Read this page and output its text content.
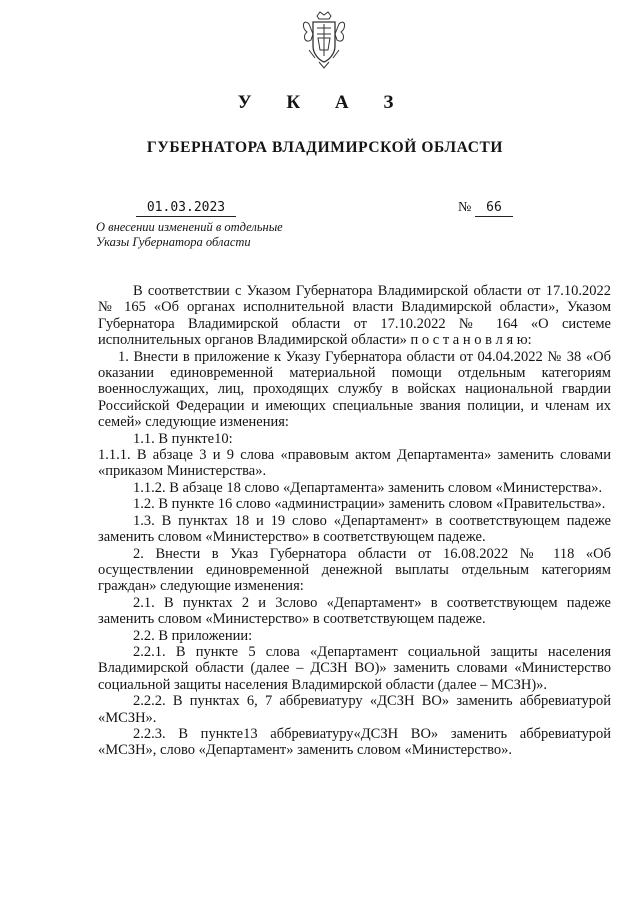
У К А З
ГУБЕРНАТОРА ВЛАДИМИРСКОЙ ОБЛАСТИ
01.03.2023	№	66
О внесении изменений в отдельные
Указы Губернатора области

В соответствии с Указом Губернатора Владимирской области от 17.10.2022 № 165 «Об органах исполнительной власти Владимирской области», Указом Губернатора Владимирской области от 17.10.2022 № 164 «О системе исполнительных органов Владимирской области» п о с т а н о в л я ю:

1. Внести в приложение к Указу Губернатора области от 04.04.2022 № 38 «Об оказании единовременной материальной помощи отдельным категориям военнослужащих, лиц, проходящих службу в войсках национальной гвардии Российской Федерации и имеющих специальные звания полиции, и членам их семей» следующие изменения:

1.1. В пункте10:

1.1.1. В абзаце 3 и 9 слова «правовым актом Департамента» заменить словами «приказом Министерства».

1.1.2. В абзаце 18 слово «Департамента» заменить словом «Министерства».

1.2. В пункте 16 слово «администрации» заменить словом «Правительства».

1.3. В пунктах 18 и 19 слово «Департамент» в соответствующем падеже заменить словом «Министерство» в соответствующем падеже.

2. Внести в Указ Губернатора области от 16.08.2022 № 118 «Об осуществлении единовременной денежной выплаты отдельным категориям граждан» следующие изменения:

2.1. В пунктах 2 и 3слово «Департамент» в соответствующем падеже заменить словом «Министерство» в соответствующем падеже.

2.2. В приложении:

2.2.1. В пункте 5 слова «Департамент социальной защиты населения Владимирской области (далее – ДСЗН ВО)» заменить словами «Министерство социальной защиты населения Владимирской области (далее – МСЗН)».

2.2.2. В пунктах 6, 7 аббревиатуру «ДСЗН ВО» заменить аббревиатурой «МСЗН».

2.2.3. В пункте13 аббревиатуру«ДСЗН ВО» заменить аббревиатурой «МСЗН», слово «Департамент» заменить словом «Министерство».
